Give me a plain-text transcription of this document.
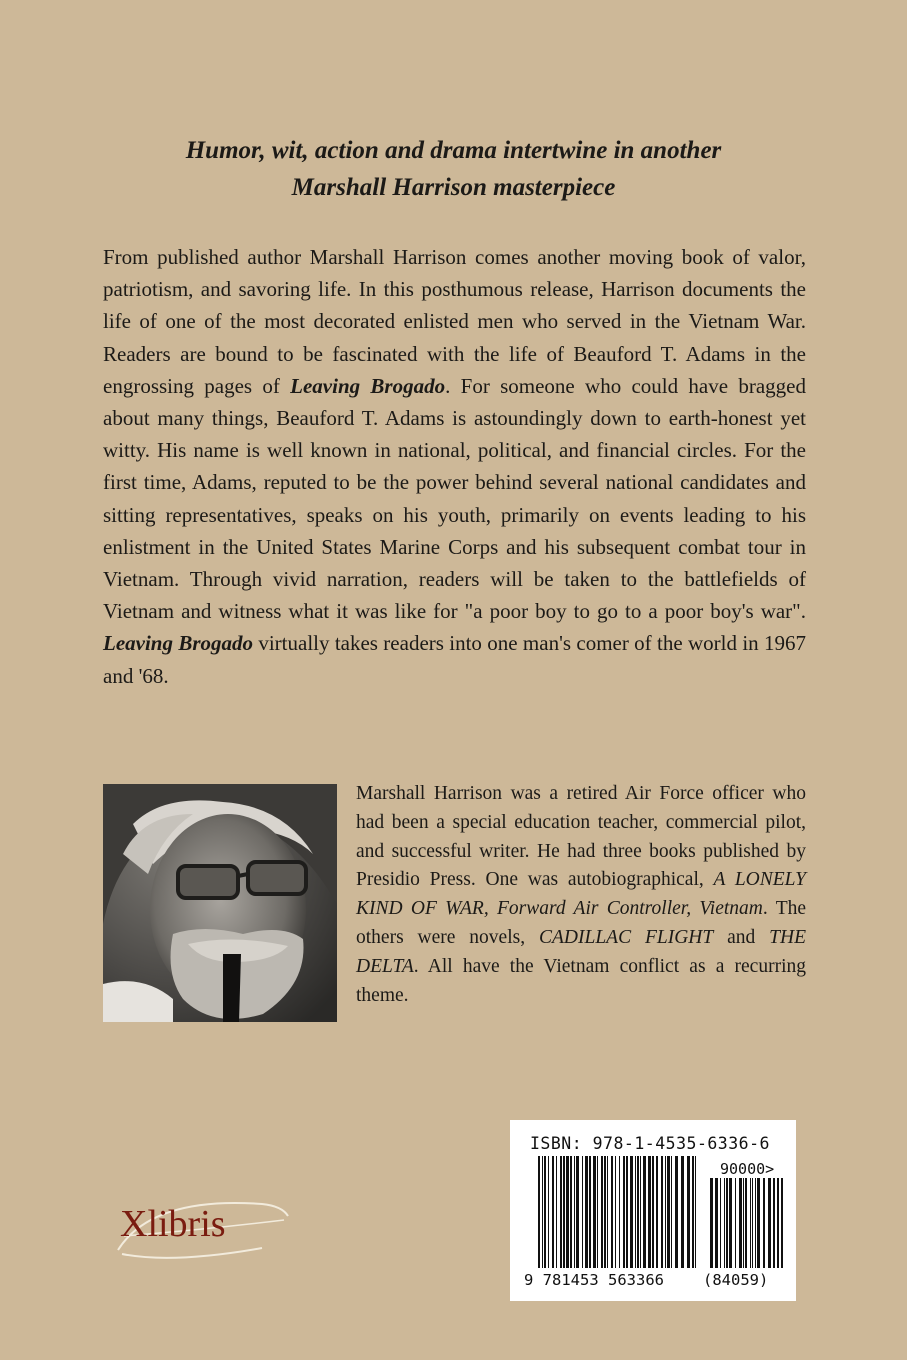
Humor, wit, action and drama intertwine in another
Marshall Harrison masterpiece
From published author Marshall Harrison comes another moving book of valor, patriotism, and savoring life. In this posthumous release, Harrison documents the life of one of the most decorated enlisted men who served in the Vietnam War. Readers are bound to be fascinated with the life of Beauford T. Adams in the engrossing pages of Leaving Brogado. For someone who could have bragged about many things, Beauford T. Adams is astoundingly down to earth-honest yet witty. His name is well known in national, political, and financial circles. For the first time, Adams, reputed to be the power behind several national candidates and sitting representatives, speaks on his youth, primarily on events leading to his enlistment in the United States Marine Corps and his subsequent combat tour in Vietnam. Through vivid narration, readers will be taken to the battlefields of Vietnam and witness what it was like for "a poor boy to go to a poor boy's war". Leaving Brogado virtually takes readers into one man's comer of the world in 1967 and '68.
Marshall Harrison was a retired Air Force officer who had been a special education teacher, commercial pilot, and successful writer. He had three books published by Presidio Press. One was autobiographical, A LONELY KIND OF WAR, Forward Air Controller, Vietnam. The others were novels, CADILLAC FLIGHT and THE DELTA. All have the Vietnam conflict as a recurring theme.
Xlibris
ISBN: 978-1-4535-6336-6
90000>
9 781453 563366	(84059)
